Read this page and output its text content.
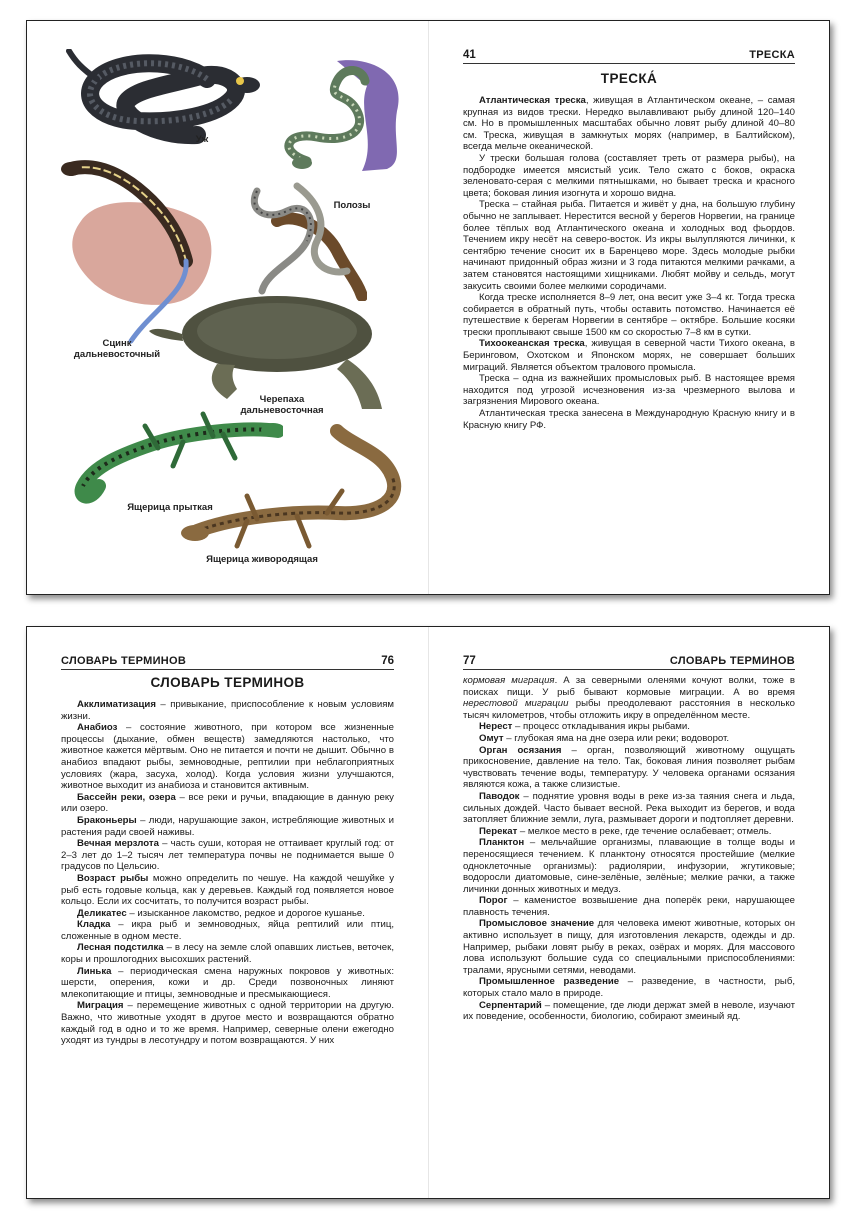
Уж
Сцинк
дальневосточный
Полозы
Черепаха
дальневосточная
Ящерица прыткая
Ящерица живородящая
41	ТРЕСКА
ТРЕСКА́

Атлантическая треска, живущая в Атлантическом океане, – самая крупная из видов трески. Нередко вылавливают рыбу длиной 120–140 см. Но в промышленных масштабах обычно ловят рыбу длиной 40–80 см. Треска, живущая в замкнутых морях (например, в Балтийском), всегда мельче океанической.

У трески большая голова (составляет треть от размера рыбы), на подбородке имеется мясистый усик. Тело сжато с боков, окраска зеленовато-серая с мелкими пятнышками, но бывает треска и красного цвета; боковая линия изогнута и хорошо видна.

Треска – стайная рыба. Питается и живёт у дна, на большую глубину обычно не заплывает. Нерестится весной у берегов Норвегии, на границе более тёплых вод Атлантического океана и холодных вод фьордов. Течением икру несёт на северо-восток. Из икры вылупляются личинки, к сентябрю течение сносит их в Баренцево море. Здесь молодые рыбки начинают придонный образ жизни и 3 года питаются мелкими рачками, а затем становятся настоящими хищниками. Любят мойву и сельдь, могут закусить своими более мелкими сородичами.

Когда треске исполняется 8–9 лет, она весит уже 3–4 кг. Тогда треска собирается в обратный путь, чтобы оставить потомство. Начинается её путешествие к берегам Норвегии в сентябре – октябре. Большие косяки трески проплывают свыше 1500 км со скоростью 7–8 км в сутки.

Тихоокеанская треска, живущая в северной части Тихого океана, в Беринговом, Охотском и Японском морях, не совершает больших миграций. Является объектом тралового промысла.

Треска – одна из важнейших промысловых рыб. В настоящее время находится под угрозой исчезновения из-за чрезмерного вылова и загрязнения Мирового океана.

Атлантическая треска занесена в Международную Красную книгу и в Красную книгу РФ.

СЛОВАРЬ ТЕРМИНОВ	76
СЛОВАРЬ ТЕРМИНОВ

Акклиматизация – привыкание, приспособление к новым условиям жизни.

Анабиоз – состояние животного, при котором все жизненные процессы (дыхание, обмен веществ) замедляются настолько, что животное кажется мёртвым. Оно не питается и почти не дышит. Обычно в анабиоз впадают рыбы, земноводные, рептилии при неблагоприятных условиях (жара, засуха, холод). Когда условия жизни улучшаются, животное выходит из анабиоза и становится активным.

Бассейн реки, озера – все реки и ручьи, впадающие в данную реку или озеро.

Браконьеры – люди, нарушающие закон, истребляющие животных и растения ради своей наживы.

Вечная мерзлота – часть суши, которая не оттаивает круглый год: от 2–3 лет до 1–2 тысяч лет температура почвы не поднимается выше 0 градусов по Цельсию.

Возраст рыбы можно определить по чешуе. На каждой чешуйке у рыб есть годовые кольца, как у деревьев. Каждый год появляется новое кольцо. Если их сосчитать, то получится возраст рыбы.

Деликатес – изысканное лакомство, редкое и дорогое кушанье.

Кладка – икра рыб и земноводных, яйца рептилий или птиц, сложенные в одном месте.

Лесная подстилка – в лесу на земле слой опавших листьев, веточек, коры и прошлогодних высохших растений.

Линька – периодическая смена наружных покровов у животных: шерсти, оперения, кожи и др. Среди позвоночных линяют млекопитающие и птицы, земноводные и пресмыкающиеся.

Миграция – перемещение животных с одной территории на другую. Важно, что животные уходят в другое место и возвращаются обратно каждый год в одно и то же время. Например, северные олени ежегодно уходят из тундры в лесотундру и потом возвращаются. У них

77	СЛОВАРЬ ТЕРМИНОВ

кормовая миграция. А за северными оленями кочуют волки, тоже в поисках пищи. У рыб бывают кормовые миграции. А во время нерестовой миграции рыбы преодолевают расстояния в несколько тысяч километров, чтобы отложить икру в определённом месте.

Нерест – процесс откладывания икры рыбами.

Омут – глубокая яма на дне озера или реки; водоворот.

Орган осязания – орган, позволяющий животному ощущать прикосновение, давление на тело. Так, боковая линия позволяет рыбам чувствовать течение воды, температуру. У человека органами осязания являются кожа, а также слизистые.

Паводок – поднятие уровня воды в реке из-за таяния снега и льда, сильных дождей. Часто бывает весной. Река выходит из берегов, и вода затопляет ближние земли, луга, размывает дороги и подтопляет деревни.

Перекат – мелкое место в реке, где течение ослабевает; отмель.

Планктон – мельчайшие организмы, плавающие в толще воды и переносящиеся течением. К планктону относятся простейшие (мелкие одноклеточные организмы): радиолярии, инфузории, жгутиковые; водоросли диатомовые, сине-зелёные, зелёные; мелкие рачки, а также личинки донных животных и медуз.

Порог – каменистое возвышение дна поперёк реки, нарушающее плавность течения.

Промысловое значение для человека имеют животные, которых он активно использует в пищу, для изготовления лекарств, одежды и др. Например, рыбаки ловят рыбу в реках, озёрах и морях. Для массового лова используют большие суда со специальными приспособлениями: тралами, ярусными сетями, неводами.

Промышленное разведение – разведение, в частности, рыб, которых стало мало в природе.

Серпентарий – помещение, где люди держат змей в неволе, изучают их поведение, особенности, биологию, собирают змеиный яд.
